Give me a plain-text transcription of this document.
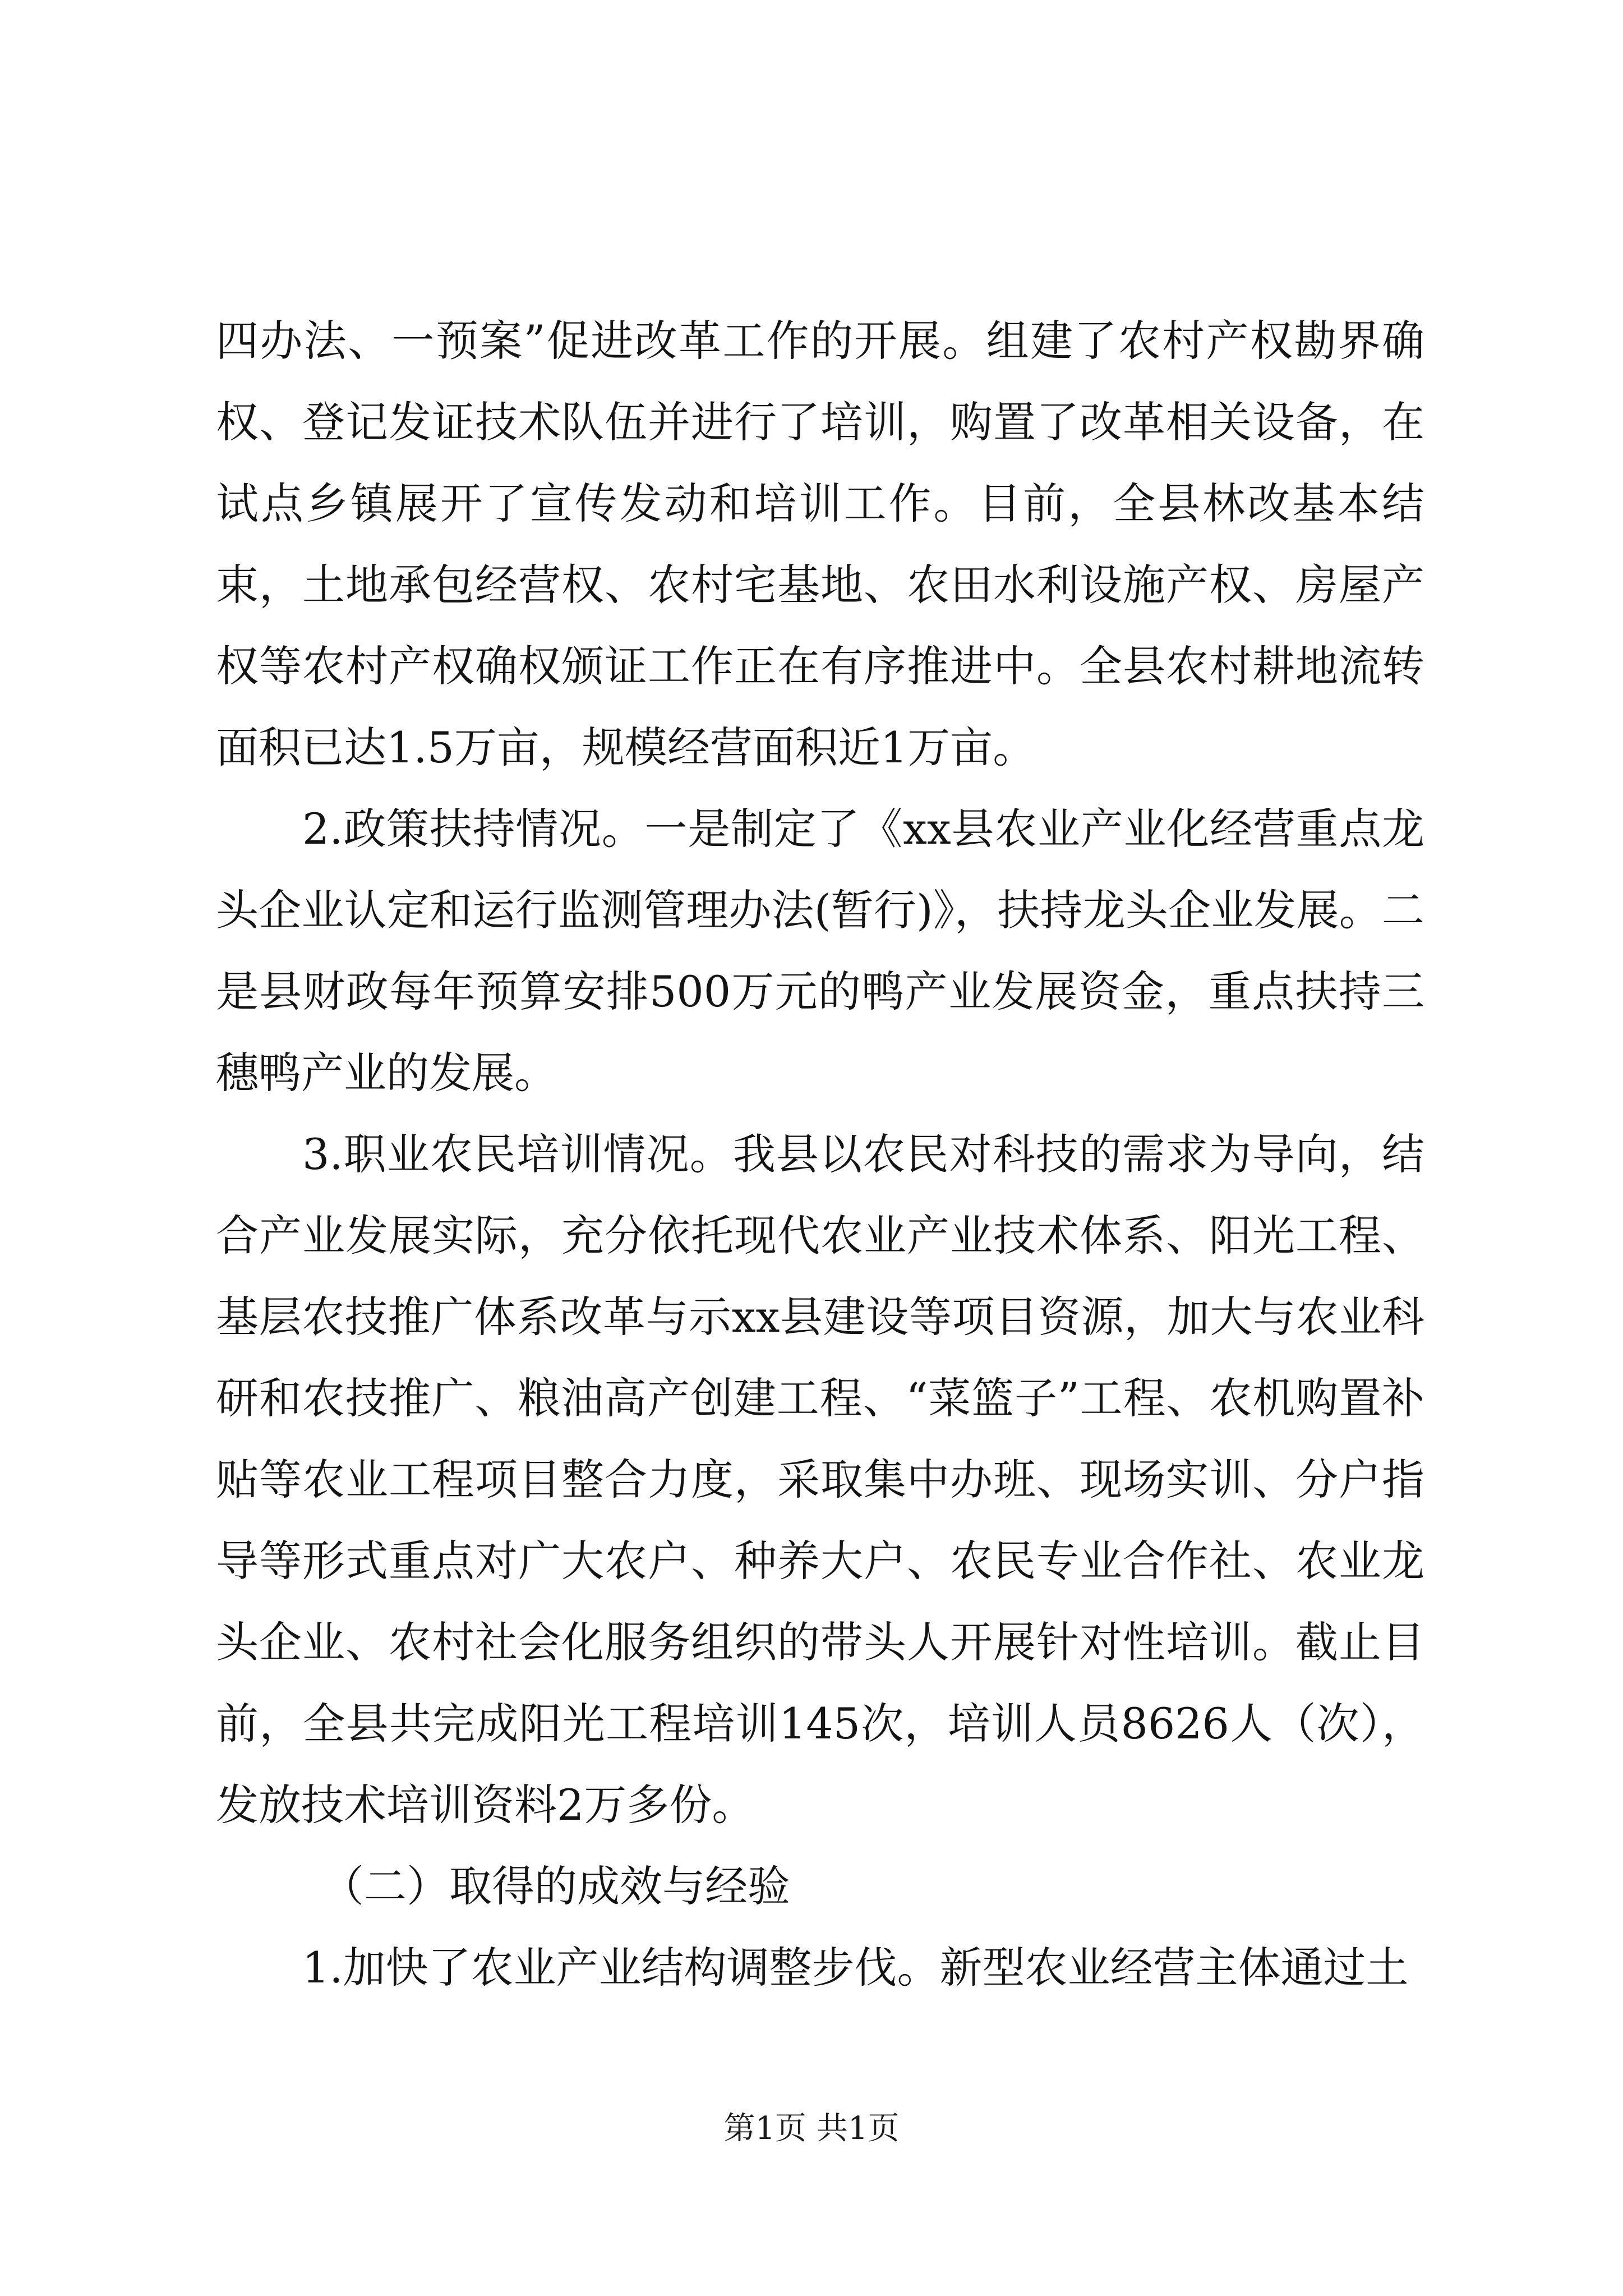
四办法、一预案”促进改革工作的开展。组建了农村产权勘界确权、登记发证技术队伍并进行了培训，购置了改革相关设备，在试点乡镇展开了宣传发动和培训工作。目前，全县林改基本结束，土地承包经营权、农村宅基地、农田水利设施产权、房屋产权等农村产权确权颁证工作正在有序推进中。全县农村耕地流转面积已达1.5万亩，规模经营面积近1万亩。

2.政策扶持情况。一是制定了《xx县农业产业化经营重点龙头企业认定和运行监测管理办法(暂行)》，扶持龙头企业发展。二是县财政每年预算安排500万元的鸭产业发展资金，重点扶持三穗鸭产业的发展。

3.职业农民培训情况。我县以农民对科技的需求为导向，结合产业发展实际，充分依托现代农业产业技术体系、阳光工程、基层农技推广体系改革与示xx县建设等项目资源，加大与农业科研和农技推广、粮油高产创建工程、“菜篮子”工程、农机购置补贴等农业工程项目整合力度，采取集中办班、现场实训、分户指导等形式重点对广大农户、种养大户、农民专业合作社、农业龙头企业、农村社会化服务组织的带头人开展针对性培训。截止目前，全县共完成阳光工程培训145次，培训人员8626人（次），发放技术培训资料2万多份。

（二）取得的成效与经验

1.加快了农业产业结构调整步伐。新型农业经营主体通过土

第1页 共1页
